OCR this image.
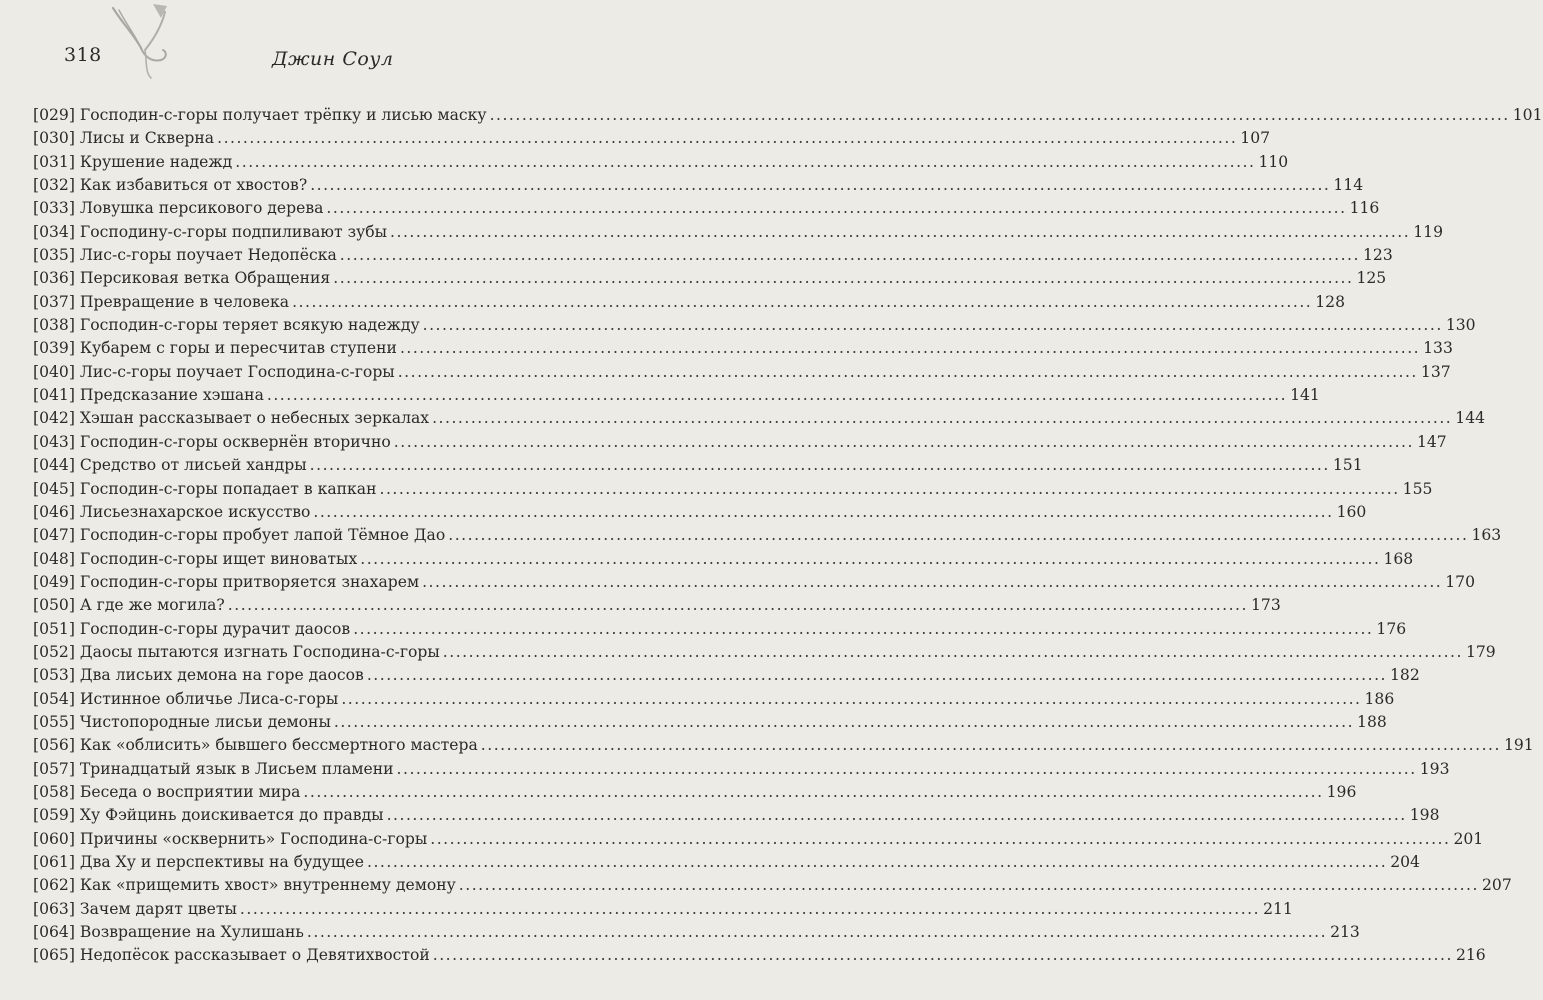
318	Джин Соул
[029] Господин-с-горы получает трёпку и лисью маску .....	101
[030] Лисы и Скверна .....	107
[031] Крушение надежд .....	110
[032] Как избавиться от хвостов? .....	114
[033] Ловушка персикового дерева .....	116
[034] Господину-с-горы подпиливают зубы .....	119
[035] Лис-с-горы поучает Недопёска .....	123
[036] Персиковая ветка Обращения .....	125
[037] Превращение в человека .....	128
[038] Господин-с-горы теряет всякую надежду .....	130
[039] Кубарем с горы и пересчитав ступени .....	133
[040] Лис-с-горы поучает Господина-с-горы .....	137
[041] Предсказание хэшана .....	141
[042] Хэшан рассказывает о небесных зеркалах .....	144
[043] Господин-с-горы осквернён вторично .....	147
[044] Средство от лисьей хандры .....	151
[045] Господин-с-горы попадает в капкан .....	155
[046] Лисьезнахарское искусство .....	160
[047] Господин-с-горы пробует лапой Тёмное Дао .....	163
[048] Господин-с-горы ищет виноватых .....	168
[049] Господин-с-горы притворяется знахарем .....	170
[050] А где же могила? .....	173
[051] Господин-с-горы дурачит даосов .....	176
[052] Даосы пытаются изгнать Господина-с-горы .....	179
[053] Два лисьих демона на горе даосов .....	182
[054] Истинное обличье Лиса-с-горы .....	186
[055] Чистопородные лисьи демоны .....	188
[056] Как «облисить» бывшего бессмертного мастера .....	191
[057] Тринадцатый язык в Лисьем пламени .....	193
[058] Беседа о восприятии мира .....	196
[059] Ху Фэйцинь доискивается до правды .....	198
[060] Причины «осквернить» Господина-с-горы .....	201
[061] Два Ху и перспективы на будущее .....	204
[062] Как «прищемить хвост» внутреннему демону .....	207
[063] Зачем дарят цветы .....	211
[064] Возвращение на Хулишань .....	213
[065] Недопёсок рассказывает о Девятихвостой .....	216
